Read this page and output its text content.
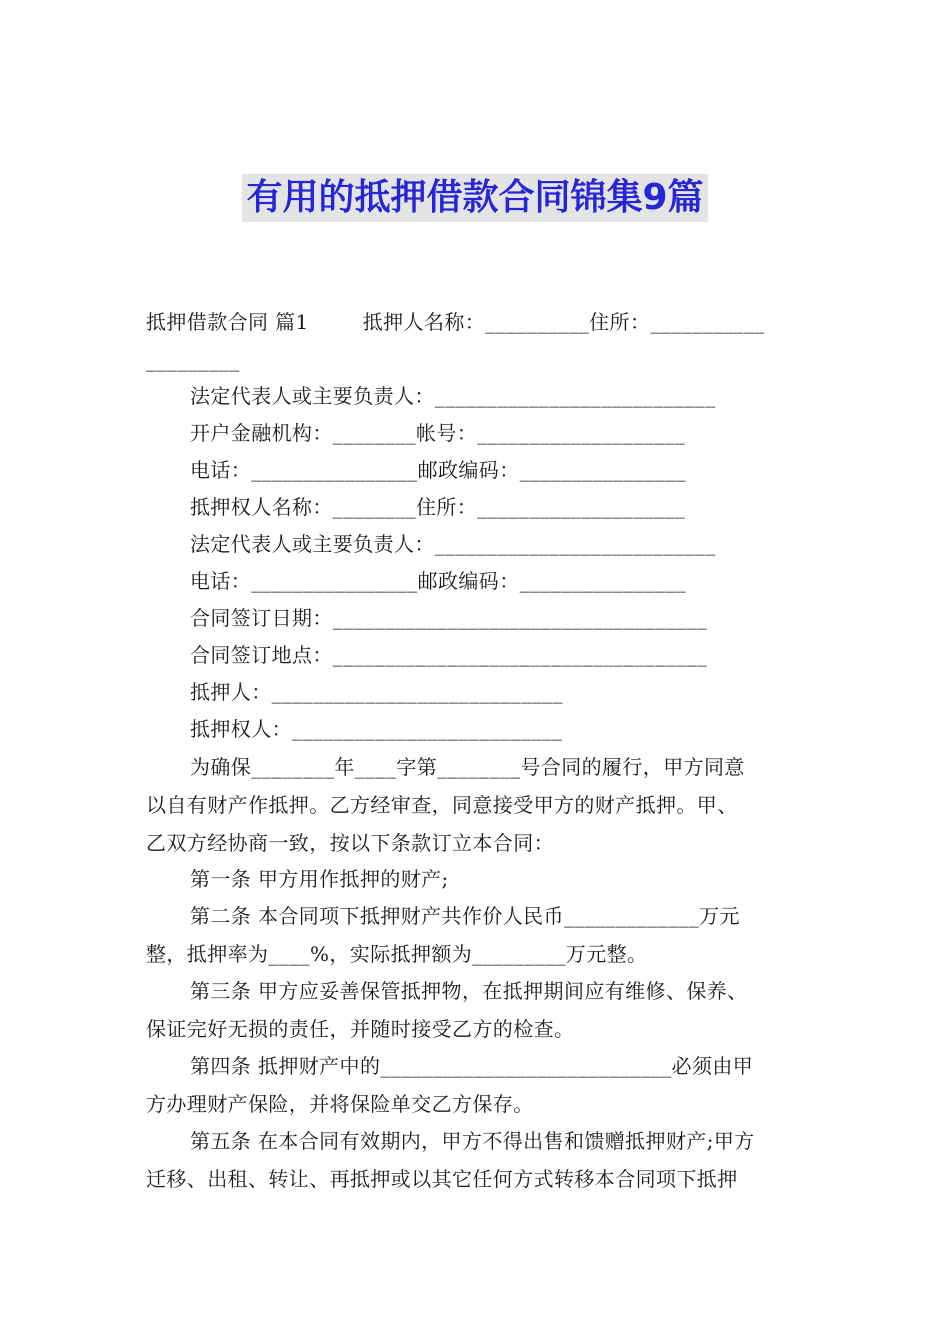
有用的抵押借款合同锦集9篇
抵押借款合同 篇1        抵押人名称：__________住所：___________
_________
法定代表人或主要负责人：___________________________
开户金融机构：________帐号：____________________
电话：________________邮政编码：________________
抵押权人名称：________住所：____________________
法定代表人或主要负责人：___________________________
电话：________________邮政编码：________________
合同签订日期：____________________________________
合同签订地点：____________________________________
抵押人：____________________________
抵押权人：__________________________
为确保________年____字第________号合同的履行，甲方同意
以自有财产作抵押。乙方经审查，同意接受甲方的财产抵押。甲、
乙双方经协商一致，按以下条款订立本合同：
第一条 甲方用作抵押的财产;
第二条 本合同项下抵押财产共作价人民币_____________万元
整，抵押率为____%，实际抵押额为_________万元整。
第三条 甲方应妥善保管抵押物，在抵押期间应有维修、保养、
保证完好无损的责任，并随时接受乙方的检查。
第四条 抵押财产中的____________________________必须由甲
方办理财产保险，并将保险单交乙方保存。
第五条 在本合同有效期内，甲方不得出售和馈赠抵押财产;甲方
迁移、出租、转让、再抵押或以其它任何方式转移本合同项下抵押
